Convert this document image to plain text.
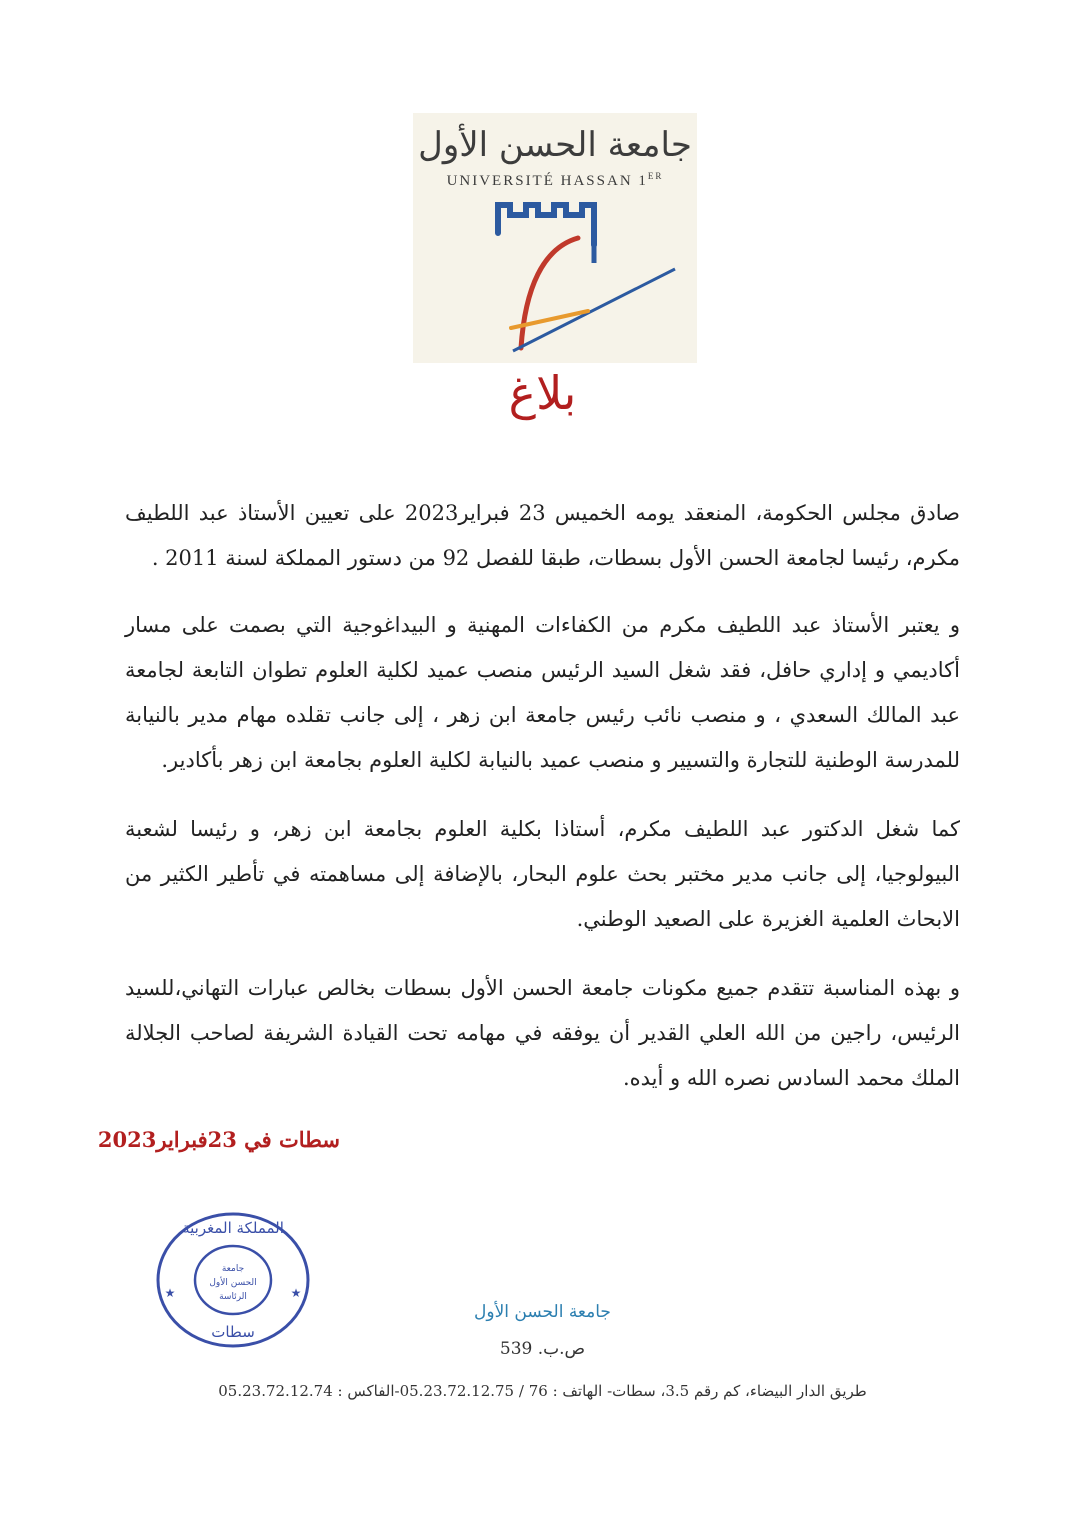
جامعة الحسن الأول
UNIVERSITÉ HASSAN 1ER
بلاغ
صادق مجلس الحكومة، المنعقد يومه الخميس 23 فبراير2023 على تعيين الأستاذ عبد اللطيف مكرم، رئيسا لجامعة الحسن الأول بسطات، طبقا للفصل 92 من دستور المملكة لسنة 2011 .
و يعتبر الأستاذ عبد اللطيف مكرم من الكفاءات المهنية و البيداغوجية التي بصمت على مسار أكاديمي و إداري حافل، فقد شغل السيد الرئيس منصب عميد لكلية العلوم تطوان التابعة لجامعة عبد المالك السعدي ، و منصب نائب رئيس جامعة ابن زهر ، إلى جانب تقلده مهام مدير بالنيابة للمدرسة الوطنية للتجارة والتسيير و منصب عميد بالنيابة لكلية العلوم بجامعة ابن زهر بأكادير.
كما شغل الدكتور عبد اللطيف مكرم، أستاذا بكلية العلوم بجامعة ابن زهر، و رئيسا لشعبة البيولوجيا، إلى جانب مدير مختبر بحث علوم البحار، بالإضافة إلى مساهمته في تأطير الكثير من الابحاث العلمية الغزيرة على الصعيد الوطني.
و بهذه المناسبة تتقدم جميع مكونات جامعة الحسن الأول بسطات بخالص عبارات التهاني،للسيد الرئيس، راجين من الله العلي القدير أن يوفقه في مهامه تحت القيادة الشريفة لصاحب الجلالة الملك محمد السادس نصره الله و أيده.
سطات في 23فبراير2023
المملكة المغربية
جامعة
الحسن الأول
الرئاسة
سطات
★	★
جامعة الحسن الأول
ص.ب. 539
طريق الدار البيضاء، كم رقم 3.5، سطات- الهاتف : 76 / 05.23.72.12.75-الفاكس : 05.23.72.12.74
